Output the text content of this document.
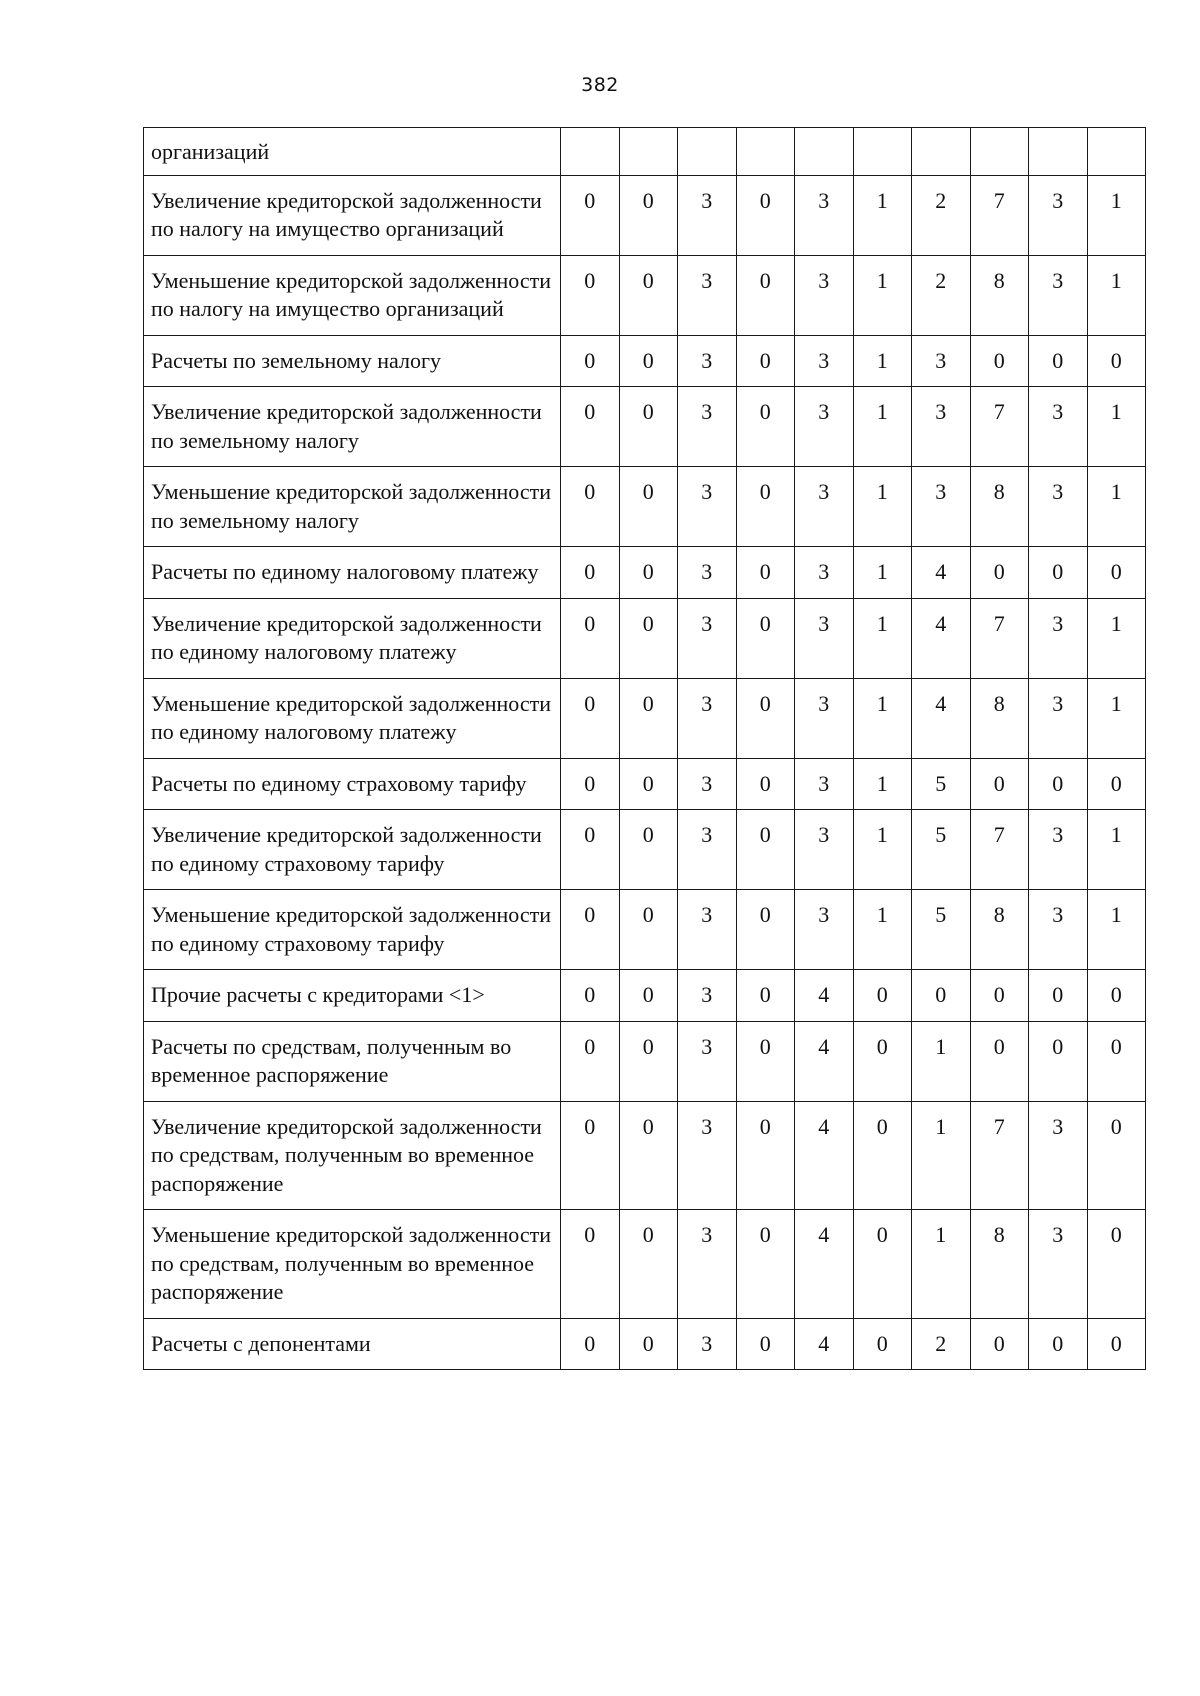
382
организаций										
Увеличение кредиторской задолженности по налогу на имущество организаций	0	0	3	0	3	1	2	7	3	1
Уменьшение кредиторской задолженности по налогу на имущество организаций	0	0	3	0	3	1	2	8	3	1
Расчеты по земельному налогу	0	0	3	0	3	1	3	0	0	0
Увеличение кредиторской задолженности по земельному налогу	0	0	3	0	3	1	3	7	3	1
Уменьшение кредиторской задолженности по земельному налогу	0	0	3	0	3	1	3	8	3	1
Расчеты по единому налоговому платежу	0	0	3	0	3	1	4	0	0	0
Увеличение кредиторской задолженности по единому налоговому платежу	0	0	3	0	3	1	4	7	3	1
Уменьшение кредиторской задолженности по единому налоговому платежу	0	0	3	0	3	1	4	8	3	1
Расчеты по единому страховому тарифу	0	0	3	0	3	1	5	0	0	0
Увеличение кредиторской задолженности по единому страховому тарифу	0	0	3	0	3	1	5	7	3	1
Уменьшение кредиторской задолженности по единому страховому тарифу	0	0	3	0	3	1	5	8	3	1
Прочие расчеты с кредиторами <1>	0	0	3	0	4	0	0	0	0	0
Расчеты по средствам, полученным во временное распоряжение	0	0	3	0	4	0	1	0	0	0
Увеличение кредиторской задолженности по средствам, полученным во временное распоряжение	0	0	3	0	4	0	1	7	3	0
Уменьшение кредиторской задолженности по средствам, полученным во временное распоряжение	0	0	3	0	4	0	1	8	3	0
Расчеты с депонентами	0	0	3	0	4	0	2	0	0	0
